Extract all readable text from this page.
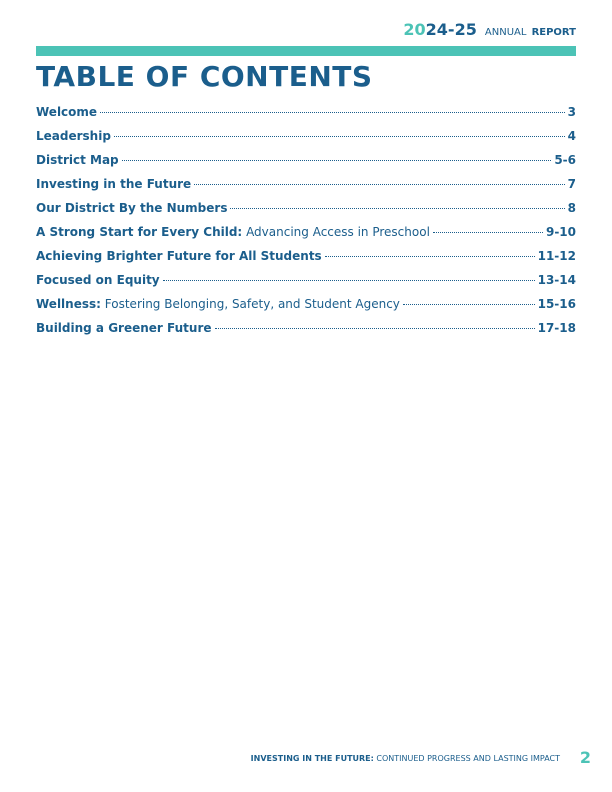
2024-25 ANNUAL REPORT
TABLE OF CONTENTS
Welcome	3
Leadership	4
District Map	5-6
Investing in the Future	7
Our District By the Numbers	8
A Strong Start for Every Child: Advancing Access in Preschool	9-10
Achieving Brighter Future for All Students	11-12
Focused on Equity	13-14
Wellness: Fostering Belonging, Safety, and Student Agency	15-16
Building a Greener Future	17-18
INVESTING IN THE FUTURE: CONTINUED PROGRESS AND LASTING IMPACT 2
